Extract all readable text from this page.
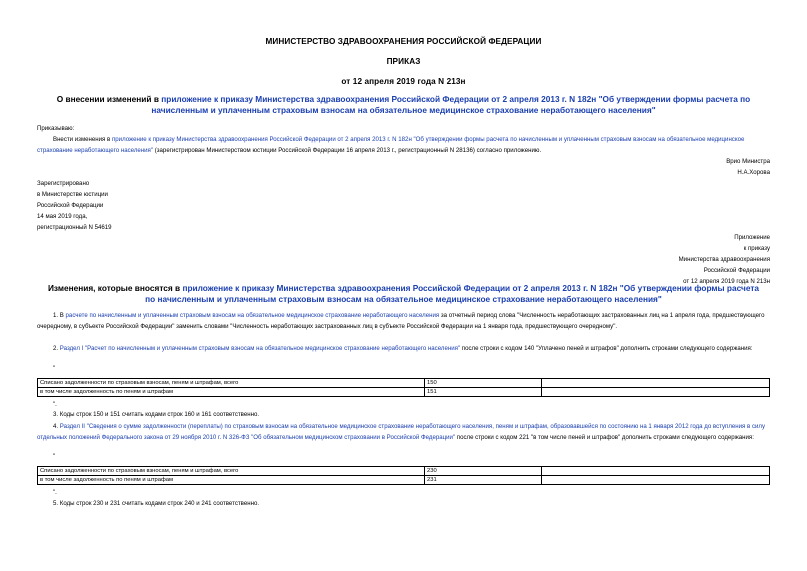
МИНИСТЕРСТВО ЗДРАВООХРАНЕНИЯ РОССИЙСКОЙ ФЕДЕРАЦИИ
ПРИКАЗ
от 12 апреля 2019 года N 213н
О внесении изменений в приложение к приказу Министерства здравоохранения Российской Федерации от 2 апреля 2013 г. N 182н "Об утверждении формы расчета по начисленным и уплаченным страховым взносам на обязательное медицинское страхование неработающего населения"
Приказываю:
Внести изменения в приложение к приказу Министерства здравоохранения Российской Федерации от 2 апреля 2013 г. N 182н "Об утверждении формы расчета по начисленным и уплаченным страховым взносам на обязательное медицинское страхование неработающего населения" (зарегистрирован Министерством юстиции Российской Федерации 16 апреля 2013 г., регистрационный N 28136) согласно приложению.
Врио Министра
Н.А.Хорова
Зарегистрировано
в Министерстве юстиции
Российской Федерации
14 мая 2019 года,
регистрационный N 54619
Приложение
к приказу
Министерства здравоохранения
Российской Федерации
от 12 апреля 2019 года N 213н
Изменения, которые вносятся в приложение к приказу Министерства здравоохранения Российской Федерации от 2 апреля 2013 г. N 182н "Об утверждении формы расчета по начисленным и уплаченным страховым взносам на обязательное медицинское страхование неработающего населения"
1. В расчете по начисленным и уплаченным страховым взносам на обязательное медицинское страхование неработающего населения за отчетный период слова "Численность неработающих застрахованных лиц на 1 апреля года, предшествующего очередному, в субъекте Российской Федерации" заменить словами "Численность неработающих застрахованных лиц в субъекте Российской Федерации на 1 января года, предшествующего очередному".
2. Раздел I "Расчет по начисленным и уплаченным страховым взносам на обязательное медицинское страхование неработающего населения" после строки с кодом 140 "Уплачено пеней и штрафов" дополнить строками следующего содержания:
"
Списано задолженности по страховым взносам, пеням и штрафам, всего	150	
в том числе задолженность по пеням и штрафам	151	
".
3. Коды строк 150 и 151 считать кодами строк 160 и 161 соответственно.
4. Раздел II "Сведения о сумме задолженности (переплаты) по страховым взносам на обязательное медицинское страхование неработающего населения, пеням и штрафам, образовавшейся по состоянию на 1 января 2012 года до вступления в силу отдельных положений Федерального закона от 29 ноября 2010 г. N 326-ФЗ "Об обязательном медицинском страховании в Российской Федерации" после строки с кодом 221 "в том числе пеней и штрафов" дополнить строками следующего содержания:
"
Списано задолженности по страховым взносам, пеням и штрафам, всего	230	
в том числе задолженность по пеням и штрафам	231	
".
5. Коды строк 230 и 231 считать кодами строк 240 и 241 соответственно.
